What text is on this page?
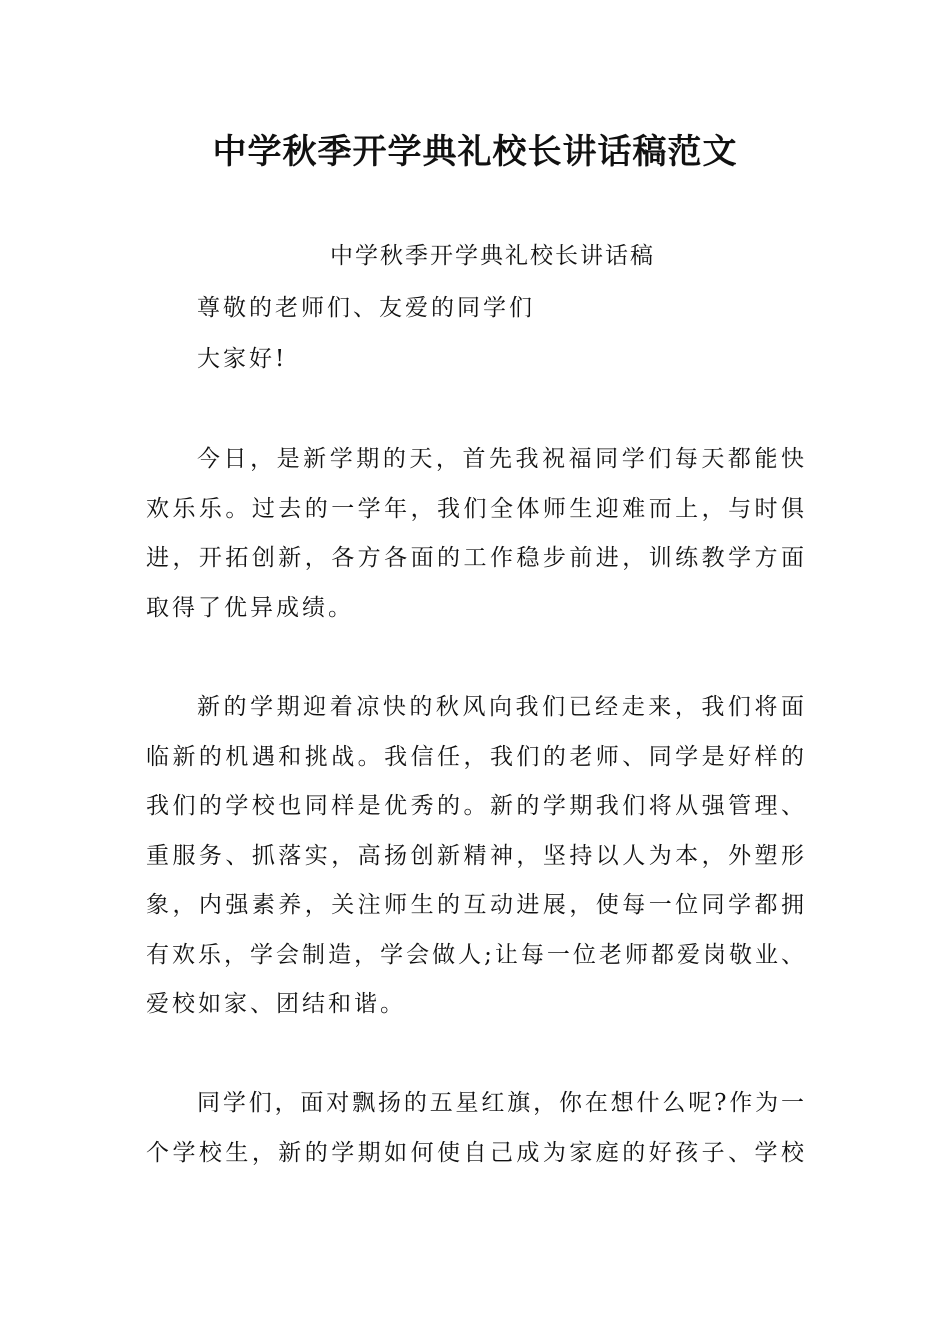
中学秋季开学典礼校长讲话稿范文

中学秋季开学典礼校长讲话稿

尊敬的老师们、友爱的同学们

大家好!

今日，是新学期的天，首先我祝福同学们每天都能快

欢乐乐。过去的一学年，我们全体师生迎难而上，与时俱

进，开拓创新，各方各面的工作稳步前进，训练教学方面

取得了优异成绩。

新的学期迎着凉快的秋风向我们已经走来，我们将面

临新的机遇和挑战。我信任，我们的老师、同学是好样的

我们的学校也同样是优秀的。新的学期我们将从强管理、

重服务、抓落实，高扬创新精神，坚持以人为本，外塑形

象，内强素养，关注师生的互动进展，使每一位同学都拥

有欢乐，学会制造，学会做人;让每一位老师都爱岗敬业、

爱校如家、团结和谐。

同学们，面对飘扬的五星红旗，你在想什么呢?作为一

个学校生，新的学期如何使自己成为家庭的好孩子、学校
